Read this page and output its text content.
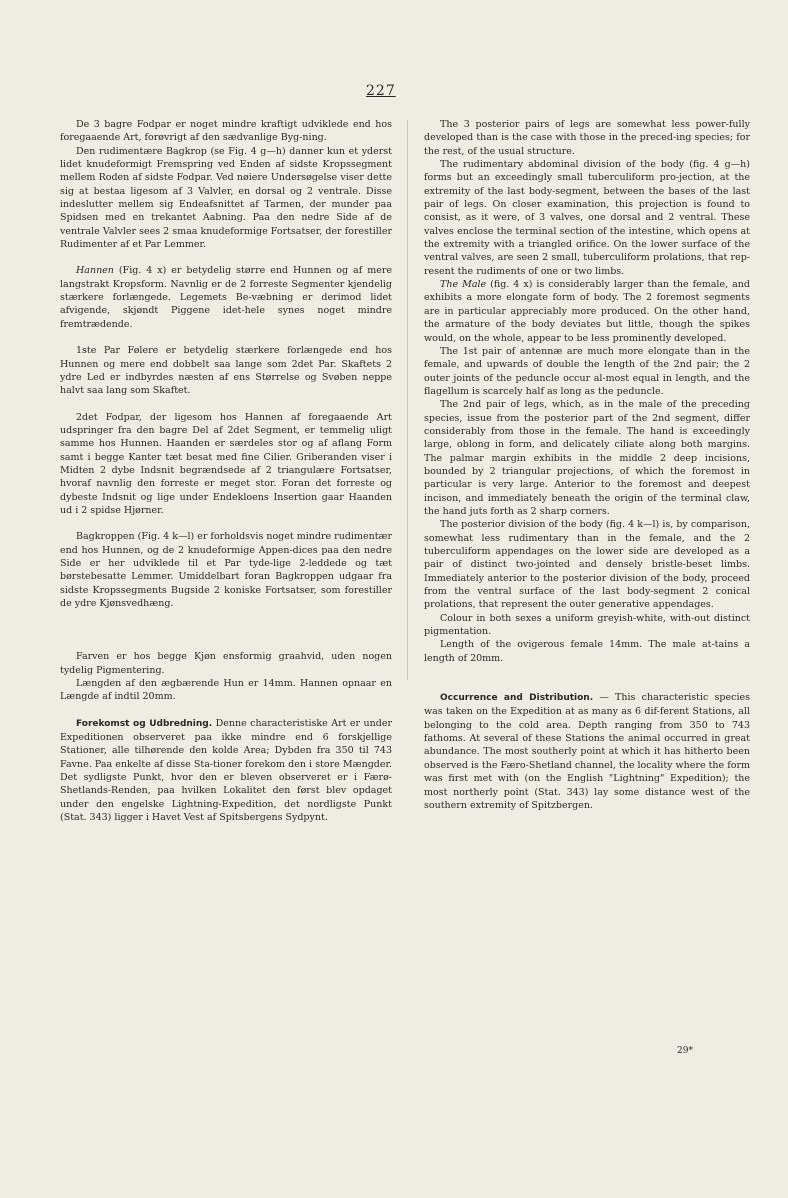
227

De 3 bagre Fodpar er noget mindre kraftigt udviklede end hos foregaaende Art, forøvrigt af den sædvanlige Byg-ning.

Den rudimentære Bagkrop (se Fig. 4 g—h) danner kun et yderst lidet knudeformigt Fremspring ved Enden af sidste Kropssegment mellem Roden af sidste Fodpar. Ved nøiere Undersøgelse viser dette sig at bestaa ligesom af 3 Valvler, en dorsal og 2 ventrale. Disse indeslutter mellem sig Endeafsnittet af Tarmen, der munder paa Spidsen med en trekantet Aabning. Paa den nedre Side af de ventrale Valvler sees 2 smaa knudeformige Fortsatser, der forestiller Rudimenter af et Par Lemmer.

Hannen (Fig. 4 x) er betydelig større end Hunnen og af mere langstrakt Kropsform. Navnlig er de 2 forreste Segmenter kjendelig stærkere forlængede. Legemets Be-væbning er derimod lidet afvigende, skjøndt Piggene idet-hele synes noget mindre fremtrædende.

1ste Par Følere er betydelig stærkere forlængede end hos Hunnen og mere end dobbelt saa lange som 2det Par. Skaftets 2 ydre Led er indbyrdes næsten af ens Størrelse og Svøben neppe halvt saa lang som Skaftet.

2det Fodpar, der ligesom hos Hannen af foregaaende Art udspringer fra den bagre Del af 2det Segment, er temmelig uligt samme hos Hunnen. Haanden er særdeles stor og af aflang Form samt i begge Kanter tæt besat med fine Cilier. Griberanden viser i Midten 2 dybe Indsnit begrændsede af 2 triangulære Fortsatser, hvoraf navnlig den forreste er meget stor. Foran det forreste og dybeste Indsnit og lige under Endekloens Insertion gaar Haanden ud i 2 spidse Hjørner.

Bagkroppen (Fig. 4 k—l) er forholdsvis noget mindre rudimentær end hos Hunnen, og de 2 knudeformige Appen-dices paa den nedre Side er her udviklede til et Par tyde-lige 2-leddede og tæt børstebesatte Lemmer. Umiddelbart foran Bagkroppen udgaar fra sidste Kropssegments Bugside 2 koniske Fortsatser, som forestiller de ydre Kjønsvedhæng.

Farven er hos begge Kjøn ensformig graahvid, uden nogen tydelig Pigmentering.

Længden af den ægbærende Hun er 14mm. Hannen opnaar en Længde af indtil 20mm.

Forekomst og Udbredning. Denne characteristiske Art er under Expeditionen observeret paa ikke mindre end 6 forskjellige Stationer, alle tilhørende den kolde Area; Dybden fra 350 til 743 Favne. Paa enkelte af disse Sta-tioner forekom den i store Mængder. Det sydligste Punkt, hvor den er bleven observeret er i Færø-Shetlands-Renden, paa hvilken Lokalitet den først blev opdaget under den engelske Lightning-Expedition, det nordligste Punkt (Stat. 343) ligger i Havet Vest af Spitsbergens Sydpynt.

The 3 posterior pairs of legs are somewhat less power-fully developed than is the case with those in the preced-ing species; for the rest, of the usual structure.

The rudimentary abdominal division of the body (fig. 4 g—h) forms but an exceedingly small tuberculiform pro-jection, at the extremity of the last body-segment, between the bases of the last pair of legs. On closer examination, this projection is found to consist, as it were, of 3 valves, one dorsal and 2 ventral. These valves enclose the terminal section of the intestine, which opens at the extremity with a triangled orifice. On the lower surface of the ventral valves, are seen 2 small, tuberculiform prolations, that rep-resent the rudiments of one or two limbs.

The Male (fig. 4 x) is considerably larger than the female, and exhibits a more elongate form of body. The 2 foremost segments are in particular appreciably more produced. On the other hand, the armature of the body deviates but little, though the spikes would, on the whole, appear to be less prominently developed.

The 1st pair of antennæ are much more elongate than in the female, and upwards of double the length of the 2nd pair; the 2 outer joints of the peduncle occur al-most equal in length, and the flagellum is scarcely half as long as the peduncle.

The 2nd pair of legs, which, as in the male of the preceding species, issue from the posterior part of the 2nd segment, differ considerably from those in the female. The hand is exceedingly large, oblong in form, and delicately ciliate along both margins. The palmar margin exhibits in the middle 2 deep incisions, bounded by 2 triangular projections, of which the foremost in particular is very large. Anterior to the foremost and deepest incison, and immediately beneath the origin of the terminal claw, the hand juts forth as 2 sharp corners.

The posterior division of the body (fig. 4 k—l) is, by comparison, somewhat less rudimentary than in the female, and the 2 tuberculiform appendages on the lower side are developed as a pair of distinct two-jointed and densely bristle-beset limbs. Immediately anterior to the posterior division of the body, proceed from the ventral surface of the last body-segment 2 conical prolations, that represent the outer generative appendages.

Colour in both sexes a uniform greyish-white, with-out distinct pigmentation.

Length of the ovigerous female 14mm. The male at-tains a length of 20mm.

Occurrence and Distribution. — This characteristic species was taken on the Expedition at as many as 6 dif-ferent Stations, all belonging to the cold area. Depth ranging from 350 to 743 fathoms. At several of these Stations the animal occurred in great abundance. The most southerly point at which it has hitherto been observed is the Færo-Shetland channel, the locality where the form was first met with (on the English "Lightning" Expedition); the most northerly point (Stat. 343) lay some distance west of the southern extremity of Spitzbergen.

29*
